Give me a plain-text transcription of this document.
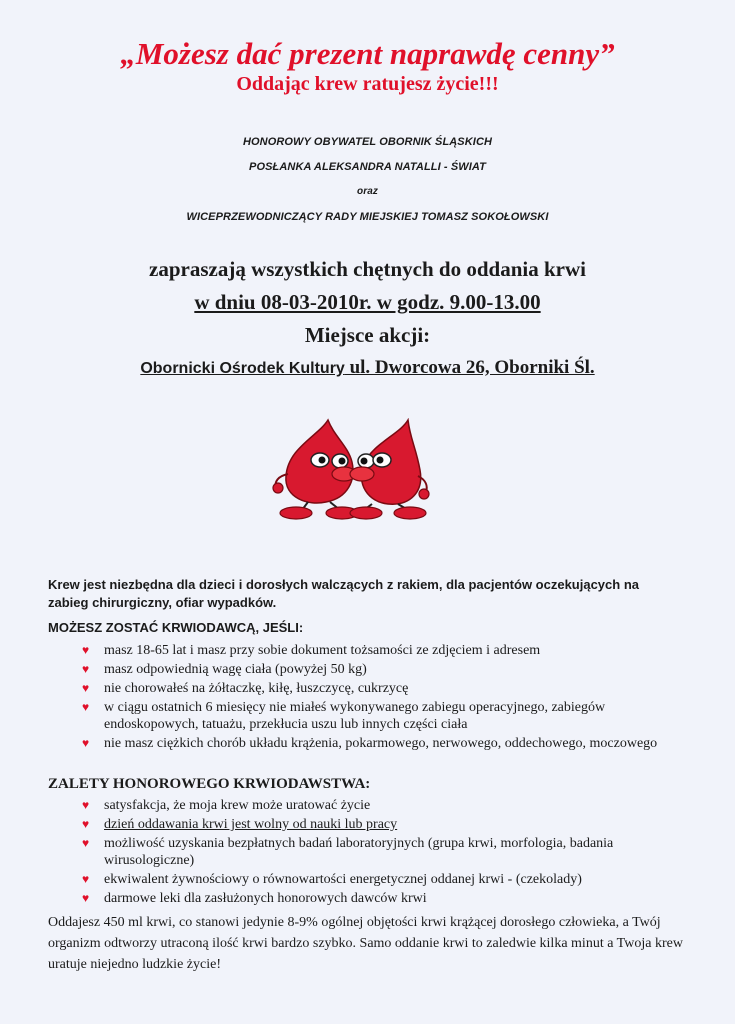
„Możesz dać prezent naprawdę cenny”

Oddając krew ratujesz życie!!!

HONOROWY OBYWATEL OBORNIK ŚLĄSKICH

POSŁANKA ALEKSANDRA NATALLI - ŚWIAT

oraz

WICEPRZEWODNICZĄCY RADY MIEJSKIEJ TOMASZ SOKOŁOWSKI

zapraszają wszystkich chętnych do oddania krwi

w dniu 08-03-2010r. w godz. 9.00-13.00

Miejsce akcji:

Obornicki Ośrodek Kultury ul. Dworcowa 26, Oborniki Śl.

Krew jest niezbędna dla dzieci i dorosłych walczących z rakiem, dla pacjentów oczekujących na zabieg chirurgiczny, ofiar wypadków.

MOŻESZ ZOSTAĆ KRWIODAWCĄ, JEŚLI:

♥ masz 18-65 lat i masz przy sobie dokument tożsamości ze zdjęciem i adresem
♥ masz odpowiednią wagę ciała (powyżej 50 kg)
♥ nie chorowałeś na żółtaczkę, kiłę, łuszczycę, cukrzycę
♥ w ciągu ostatnich 6 miesięcy nie miałeś wykonywanego zabiegu operacyjnego, zabiegów endoskopowych, tatuażu, przekłucia uszu lub innych części ciała
♥ nie masz ciężkich chorób układu krążenia, pokarmowego, nerwowego, oddechowego, moczowego

ZALETY HONOROWEGO KRWIODAWSTWA:

♥ satysfakcja, że moja krew może uratować życie
♥ dzień oddawania krwi jest wolny od nauki lub pracy
♥ możliwość uzyskania bezpłatnych badań laboratoryjnych (grupa krwi, morfologia, badania wirusologiczne)
♥ ekwiwalent żywnościowy o równowartości energetycznej oddanej krwi - (czekolady)
♥ darmowe leki dla zasłużonych honorowych dawców krwi

Oddajesz 450 ml krwi, co stanowi jedynie 8-9% ogólnej objętości krwi krążącej dorosłego człowieka, a Twój organizm odtworzy utraconą ilość krwi bardzo szybko. Samo oddanie krwi to zaledwie kilka minut a Twoja krew uratuje niejedno ludzkie życie!
